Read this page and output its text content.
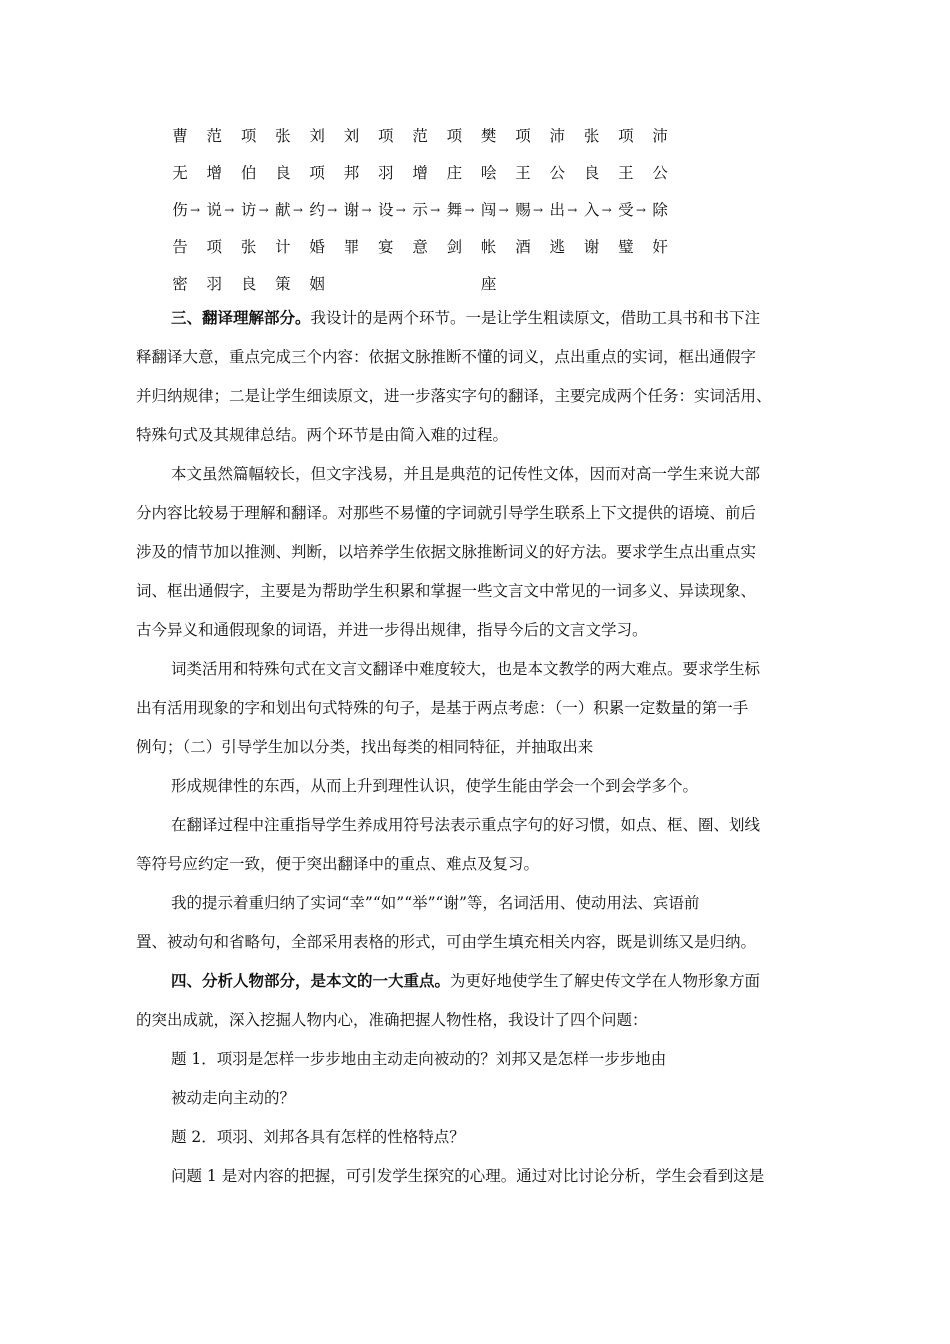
曹 范 项 张 刘 刘 项 范 项 樊 项 沛 张 项 沛
无 增 伯 良 项 邦 羽 增 庄 哙 王 公 良 王 公
伤 → 说 → 访 → 献 → 约 → 谢 → 设 → 示 → 舞 → 闯 → 赐 → 出 → 入 → 受 → 除
告 项 张 计 婚 罪 宴 意 剑 帐 酒 逃 谢 璧 奸
密 羽 良 策 姻	座
三、翻译理解部分。我设计的是两个环节。一是让学生粗读原文，借助工具书和书下注
释翻译大意，重点完成三个内容：依据文脉推断不懂的词义，点出重点的实词，框出通假字
并归纳规律；二是让学生细读原文，进一步落实字句的翻译，主要完成两个任务：实词活用、
特殊句式及其规律总结。两个环节是由简入难的过程。
本文虽然篇幅较长，但文字浅易，并且是典范的记传性文体，因而对高一学生来说大部
分内容比较易于理解和翻译。对那些不易懂的字词就引导学生联系上下文提供的语境、前后
涉及的情节加以推测、判断，以培养学生依据文脉推断词义的好方法。要求学生点出重点实
词、框出通假字，主要是为帮助学生积累和掌握一些文言文中常见的一词多义、异读现象、
古今异义和通假现象的词语，并进一步得出规律，指导今后的文言文学习。
词类活用和特殊句式在文言文翻译中难度较大，也是本文教学的两大难点。要求学生标
出有活用现象的字和划出句式特殊的句子，是基于两点考虑：（一）积累一定数量的第一手
例句；（二）引导学生加以分类，找出每类的相同特征，并抽取出来
形成规律性的东西，从而上升到理性认识，使学生能由学会一个到会学多个。
在翻译过程中注重指导学生养成用符号法表示重点字句的好习惯，如点、框、圈、划线
等符号应约定一致，便于突出翻译中的重点、难点及复习。
我的提示着重归纳了实词“幸”“如”“举”“谢”等，名词活用、使动用法、宾语前
置、被动句和省略句，全部采用表格的形式，可由学生填充相关内容，既是训练又是归纳。
四、分析人物部分，是本文的一大重点。为更好地使学生了解史传文学在人物形象方面
的突出成就，深入挖掘人物内心，准确把握人物性格，我设计了四个问题：
题 1．项羽是怎样一步步地由主动走向被动的？刘邦又是怎样一步步地由
被动走向主动的？
题 2．项羽、刘邦各具有怎样的性格特点？
问题 1 是对内容的把握，可引发学生探究的心理。通过对比讨论分析，学生会看到这是
